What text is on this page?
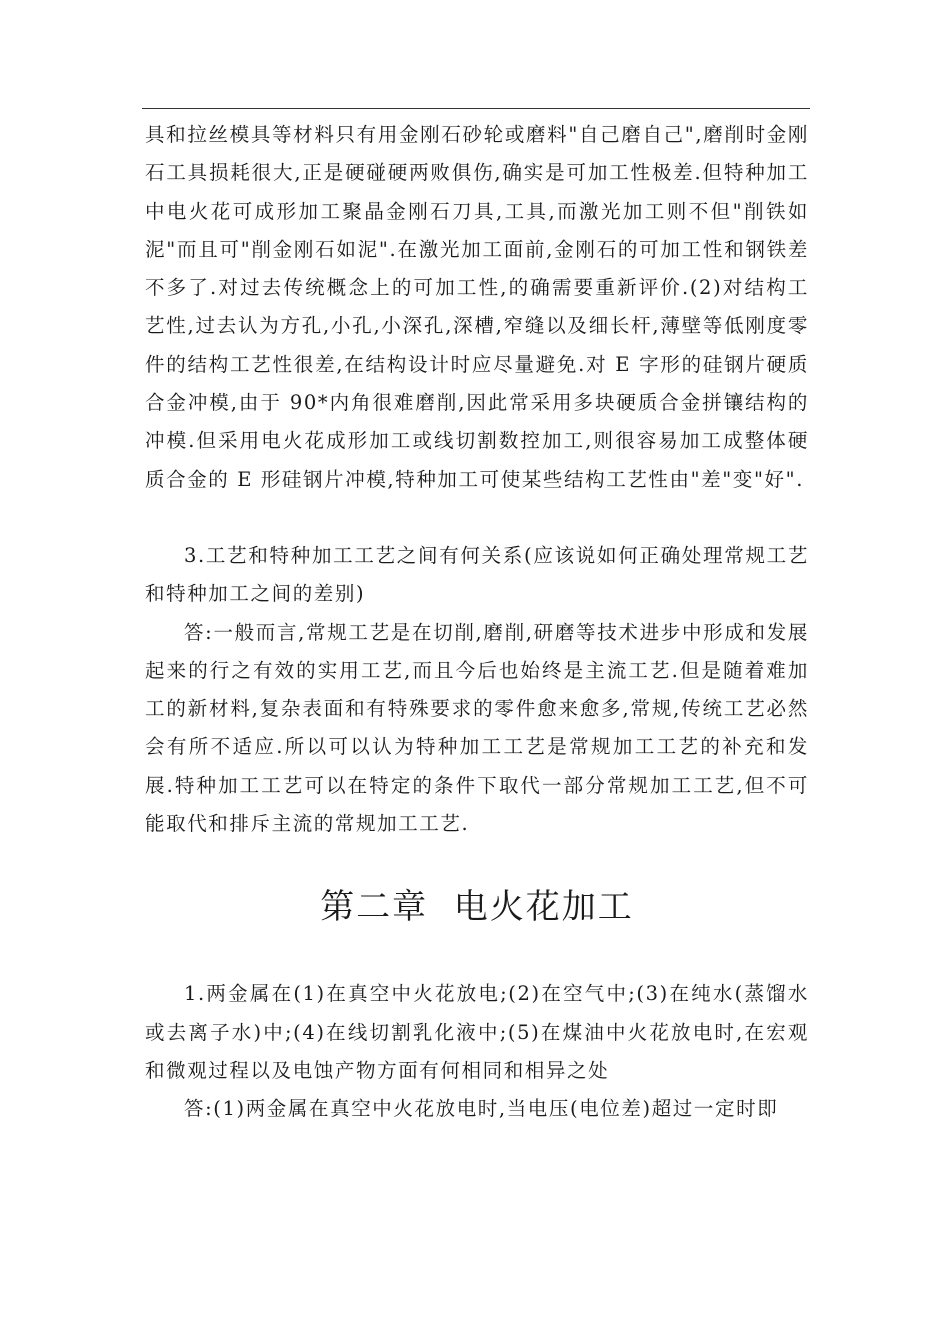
具和拉丝模具等材料只有用金刚石砂轮或磨料"自己磨自己",磨削时金刚石工具损耗很大,正是硬碰硬两败俱伤,确实是可加工性极差.但特种加工中电火花可成形加工聚晶金刚石刀具,工具,而激光加工则不但"削铁如泥"而且可"削金刚石如泥".在激光加工面前,金刚石的可加工性和钢铁差不多了.对过去传统概念上的可加工性,的确需要重新评价.(2)对结构工艺性,过去认为方孔,小孔,小深孔,深槽,窄缝以及细长杆,薄壁等低刚度零件的结构工艺性很差,在结构设计时应尽量避免.对 E 字形的硅钢片硬质合金冲模,由于 90*内角很难磨削,因此常采用多块硬质合金拼镶结构的冲模.但采用电火花成形加工或线切割数控加工,则很容易加工成整体硬质合金的 E 形硅钢片冲模,特种加工可使某些结构工艺性由"差"变"好".

3.工艺和特种加工工艺之间有何关系(应该说如何正确处理常规工艺和特种加工之间的差别)

答:一般而言,常规工艺是在切削,磨削,研磨等技术进步中形成和发展起来的行之有效的实用工艺,而且今后也始终是主流工艺.但是随着难加工的新材料,复杂表面和有特殊要求的零件愈来愈多,常规,传统工艺必然会有所不适应.所以可以认为特种加工工艺是常规加工工艺的补充和发展.特种加工工艺可以在特定的条件下取代一部分常规加工工艺,但不可能取代和排斥主流的常规加工工艺.

第二章  电火花加工

1.两金属在(1)在真空中火花放电;(2)在空气中;(3)在纯水(蒸馏水或去离子水)中;(4)在线切割乳化液中;(5)在煤油中火花放电时,在宏观和微观过程以及电蚀产物方面有何相同和相异之处

答:(1)两金属在真空中火花放电时,当电压(电位差)超过一定时即
